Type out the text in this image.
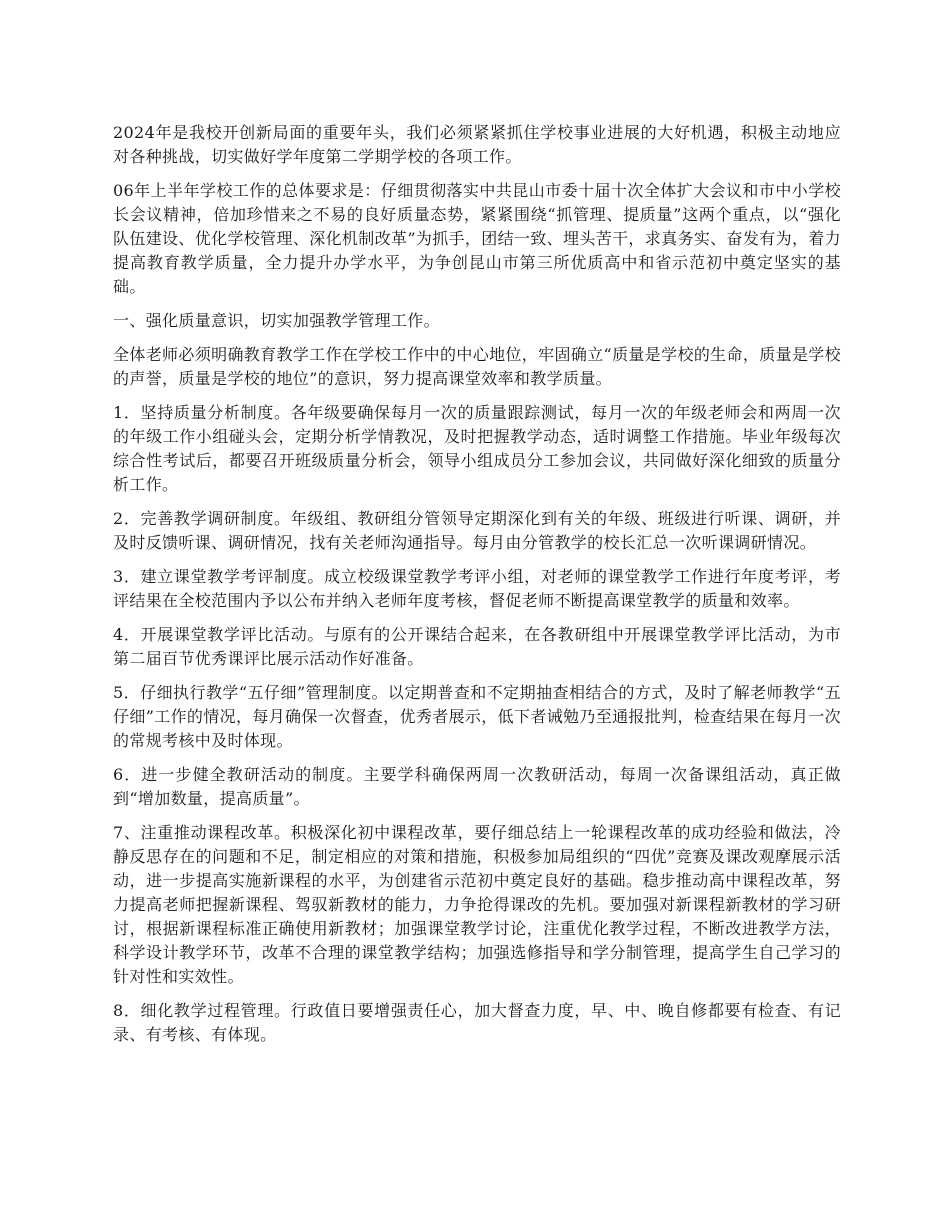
2024年是我校开创新局面的重要年头，我们必须紧紧抓住学校事业进展的大好机遇，积极主动地应对各种挑战，切实做好学年度第二学期学校的各项工作。

06年上半年学校工作的总体要求是：仔细贯彻落实中共昆山市委十届十次全体扩大会议和市中小学校长会议精神，倍加珍惜来之不易的良好质量态势，紧紧围绕“抓管理、提质量”这两个重点，以“强化队伍建设、优化学校管理、深化机制改革”为抓手，团结一致、埋头苦干，求真务实、奋发有为，着力提高教育教学质量，全力提升办学水平，为争创昆山市第三所优质高中和省示范初中奠定坚实的基础。

一、强化质量意识，切实加强教学管理工作。

全体老师必须明确教育教学工作在学校工作中的中心地位，牢固确立“质量是学校的生命，质量是学校的声誉，质量是学校的地位”的意识，努力提高课堂效率和教学质量。

1．坚持质量分析制度。各年级要确保每月一次的质量跟踪测试，每月一次的年级老师会和两周一次的年级工作小组碰头会，定期分析学情教况，及时把握教学动态，适时调整工作措施。毕业年级每次综合性考试后，都要召开班级质量分析会，领导小组成员分工参加会议，共同做好深化细致的质量分析工作。

2．完善教学调研制度。年级组、教研组分管领导定期深化到有关的年级、班级进行听课、调研，并及时反馈听课、调研情况，找有关老师沟通指导。每月由分管教学的校长汇总一次听课调研情况。

3．建立课堂教学考评制度。成立校级课堂教学考评小组，对老师的课堂教学工作进行年度考评，考评结果在全校范围内予以公布并纳入老师年度考核，督促老师不断提高课堂教学的质量和效率。

4．开展课堂教学评比活动。与原有的公开课结合起来，在各教研组中开展课堂教学评比活动，为市第二届百节优秀课评比展示活动作好准备。

5．仔细执行教学“五仔细”管理制度。以定期普查和不定期抽查相结合的方式，及时了解老师教学“五仔细”工作的情况，每月确保一次督查，优秀者展示，低下者诫勉乃至通报批判，检查结果在每月一次的常规考核中及时体现。

6．进一步健全教研活动的制度。主要学科确保两周一次教研活动，每周一次备课组活动，真正做到“增加数量，提高质量”。

7、注重推动课程改革。积极深化初中课程改革，要仔细总结上一轮课程改革的成功经验和做法，冷静反思存在的问题和不足，制定相应的对策和措施，积极参加局组织的“四优”竞赛及课改观摩展示活动，进一步提高实施新课程的水平，为创建省示范初中奠定良好的基础。稳步推动高中课程改革，努力提高老师把握新课程、驾驭新教材的能力，力争抢得课改的先机。要加强对新课程新教材的学习研讨，根据新课程标准正确使用新教材；加强课堂教学讨论，注重优化教学过程，不断改进教学方法，科学设计教学环节，改革不合理的课堂教学结构；加强选修指导和学分制管理，提高学生自己学习的针对性和实效性。

8．细化教学过程管理。行政值日要增强责任心，加大督查力度，早、中、晚自修都要有检查、有记录、有考核、有体现。
